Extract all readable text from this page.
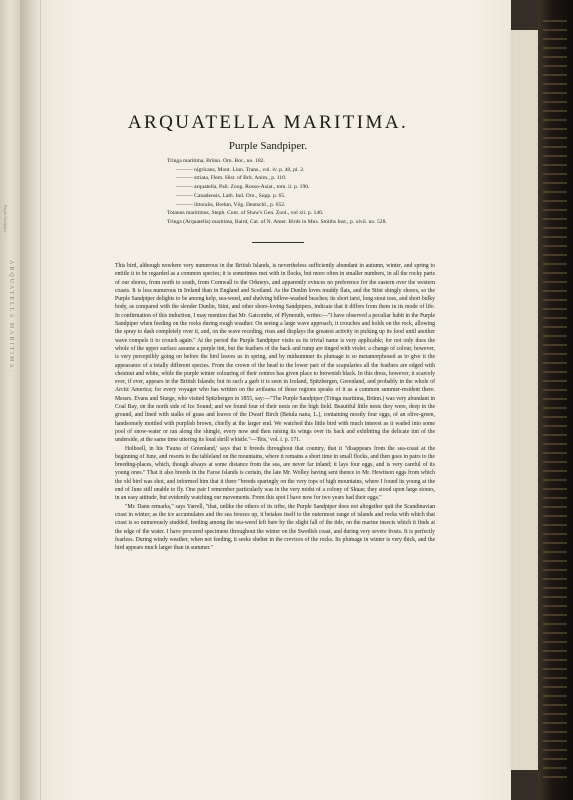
Purple Sandpiper.
ARQUATELLA MARITIMA.
ARQUATELLA MARITIMA.
Purple Sandpiper.
Tringa maritima, Brünn. Orn. Bor., no. 182.
——— nigricans, Mont. Linn. Trans., vol. iv. p. 40, pl. 2.
——— striata, Flem. Hist. of Brit. Anim., p. 110.
——— arquatella, Pall. Zoog. Rosso-Asiat., tom. ii. p. 190.
——— Canadensis, Lath. Ind. Orn., Supp. p. 65.
——— littoralis, Brehm, Vög. Deutschl., p. 652.
Totanus maritimus, Steph. Cont. of Shaw's Gen. Zool., vol xii. p. 146.
Tringa (Arquatella) maritima, Baird, Cat. of N. Amer. Birds in Mus. Smiths Inst., p. xlvii. no. 528.

This bird, although nowhere very numerous in the British Islands, is nevertheless sufficiently abundant in autumn, winter, and spring to entitle it to be regarded as a common species; it is sometimes met with in flocks, but more often in smaller numbers, in all the rocky parts of our shores, from north to south, from Cornwall to the Orkneys, and apparently evinces no preference for the eastern over the western coasts. It is less numerous in Ireland than in England and Scotland. As the Dunlin loves muddy flats, and the Stint shingly shores, so the Purple Sandpiper delights to be among kelp, sea-weed, and shelving billow-washed beaches; its short tarsi, long stout toes, and short bulky body, as compared with the slender Dunlin, Stint, and other shore-loving Sandpipers, indicate that it differs from them in its mode of life. In confirmation of this induction, I may mention that Mr. Gatcombe, of Plymouth, writes:—"I have observed a peculiar habit in the Purple Sandpiper when feeding on the rocks during rough weather. On seeing a large wave approach, it crouches and holds on the rock, allowing the spray to dash completely over it, and, on the wave receding, rises and displays the greatest activity in picking up its food until another wave compels it to crouch again." At the period the Purple Sandpiper visits us its trivial name is very applicable; for not only does the whole of the upper surface assume a purple tint, but the feathers of the back and rump are tinged with violet: a change of colour, however, is very perceptibly going on before the bird leaves us in spring, and by midsummer its plumage is so metamorphosed as to give it the appearance of a totally different species. From the crown of the head to the lower part of the scapularies all the feathers are edged with chestnut and white, while the purple winter colouring of their centres has given place to brownish black. In this dress, however, it scarcely ever, if ever, appears in the British Islands; but in such a garb it is seen in Iceland, Spitzbergen, Greenland, and probably in the whole of Arctic America; for every voyager who has written on the avifauna of those regions speaks of it as a common summer-resident there. Messrs. Evans and Sturge, who visited Spitzbergen in 1855, say:—"The Purple Sandpiper (Tringa maritima, Brünn.) was very abundant in Coal Bay, on the north side of Ice Sound; and we found four of their nests on the high field. Beautiful little nests they were, deep in the ground, and lined with stalks of grass and leaves of the Dwarf Birch (Betula nana, L.), containing mostly four eggs, of an olive-green, handsomely mottled with purplish brown, chiefly at the larger end. We watched this little bird with much interest as it waded into some pool of snow-water or ran along the shingle, every now and then raising its wings over its back and exhibiting the delicate tint of the underside, at the same time uttering its loud shrill whistle."—'Ibis,' vol. i. p. 171.

Holboell, in his 'Fauna of Greenland,' says that it breeds throughout that country, that it "disappears from the sea-coast at the beginning of June, and resorts to the tableland on the mountains, where it remains a short time in small flocks, and then goes in pairs to the breeding-places, which, though always at some distance from the sea, are never far inland; it lays four eggs, and is very careful of its young ones." That it also breeds in the Faroe Islands is certain, the late Mr. Wolley having sent thence to Mr. Hewitson eggs from which the old bird was shot, and informed him that it there "breeds sparingly on the very tops of high mountains, where I found its young at the end of June still unable to fly. One pair I remember particularly was in the very midst of a colony of Skuas; they stood upon large stones, in an easy attitude, but evidently watching our movements. From this spot I have now for two years had their eggs."

"Mr. Dann remarks," says Yarrell, "that, unlike the others of its tribe, the Purple Sandpiper does not altogether quit the Scandinavian coast in winter; as the ice accumulates and the sea freezes up, it betakes itself to the outermost range of islands and rocks with which that coast is so numerously studded, feeding among the sea-weed left bare by the slight fall of the tide, on the marine insects which it finds at the edge of the water. I have procured specimens throughout the winter on the Swedish coast, and during very severe frosts. It is perfectly fearless. During windy weather, when not feeding, it seeks shelter in the crevices of the rocks. Its plumage in winter is very thick, and the bird appears much larger than in summer."
